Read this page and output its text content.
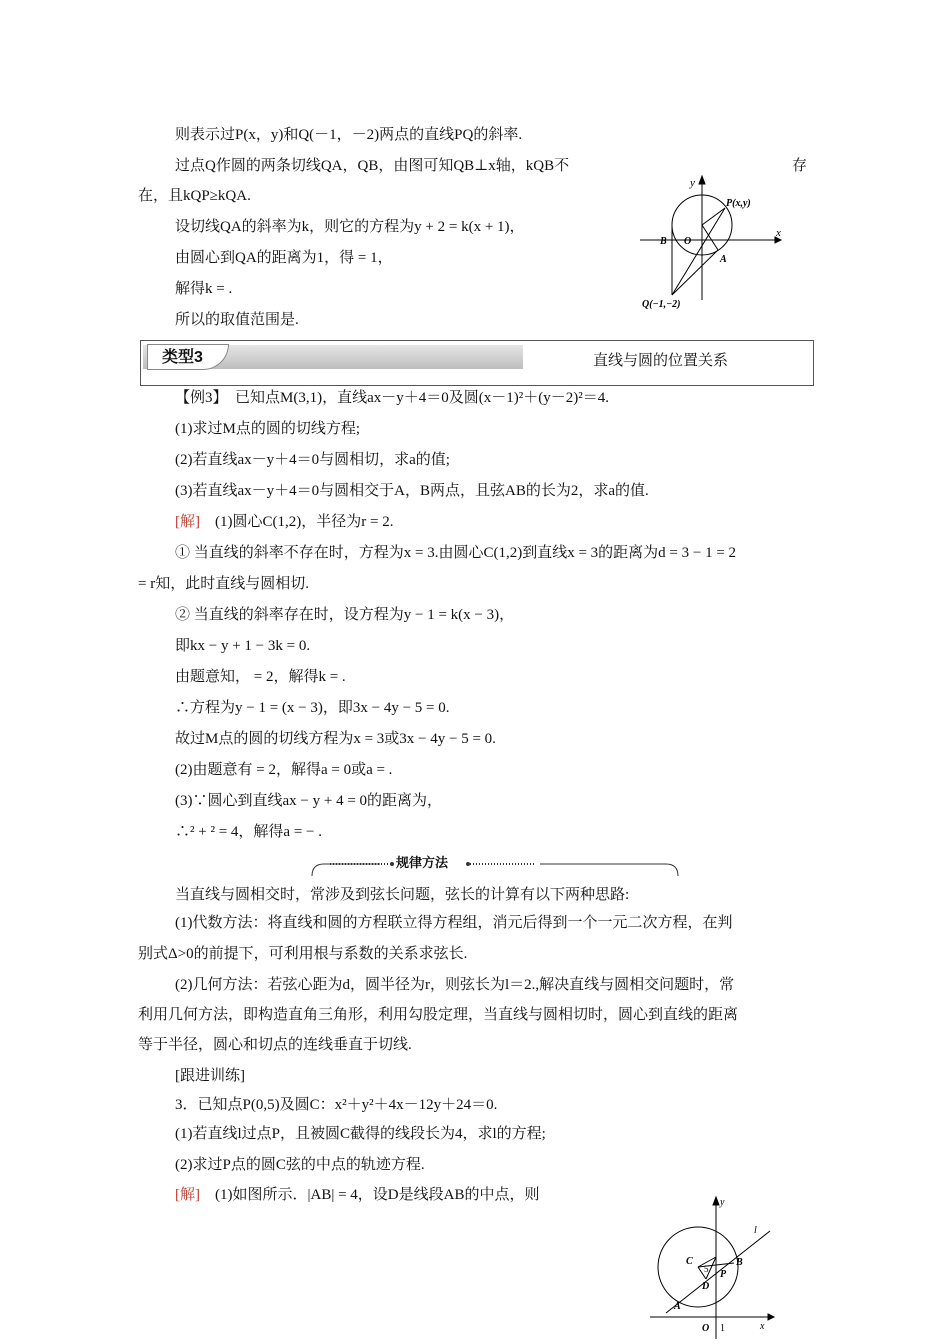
则表示过P(x，y)和Q(－1，－2)两点的直线PQ的斜率.
过点Q作圆的两条切线QA，QB，由图可知QB⊥x轴，kQB不	存
在，且kQP≥kQA.
设切线QA的斜率为k，则它的方程为y + 2 = k(x + 1)，
由圆心到QA的距离为1，得 = 1，
解得k = .
所以的取值范围是.
y
x
P(x,y)
B O
A
Q(−1,−2)
类型3	直线与圆的位置关系
【例3】　已知点M(3,1)，直线ax－y＋4＝0及圆(x－1)²＋(y－2)²＝4.
(1)求过M点的圆的切线方程;
(2)若直线ax－y＋4＝0与圆相切，求a的值;
(3)若直线ax－y＋4＝0与圆相交于A，B两点，且弦AB的长为2，求a的值.
[解]　(1)圆心C(1,2)，半径为r = 2.
① 当直线的斜率不存在时，方程为x = 3.由圆心C(1,2)到直线x = 3的距离为d = 3 − 1 = 2
= r知，此时直线与圆相切.
② 当直线的斜率存在时，设方程为y − 1 = k(x − 3)，
即kx − y + 1 − 3k = 0.
由题意知， = 2，解得k = .
∴方程为y − 1 = (x − 3)，即3x − 4y − 5 = 0.
故过M点的圆的切线方程为x = 3或3x − 4y − 5 = 0.
(2)由题意有 = 2，解得a = 0或a = .
(3)∵圆心到直线ax − y + 4 = 0的距离为，
∴² + ² = 4，解得a = − .
规律方法
当直线与圆相交时，常涉及到弦长问题，弦长的计算有以下两种思路:
(1)代数方法：将直线和圆的方程联立得方程组，消元后得到一个一元二次方程，在判
别式Δ>0的前提下，可利用根与系数的关系求弦长.
(2)几何方法：若弦心距为d，圆半径为r，则弦长为l＝2.,解决直线与圆相交问题时，常
利用几何方法，即构造直角三角形，利用勾股定理，当直线与圆相切时，圆心到直线的距离
等于半径，圆心和切点的连线垂直于切线.
[跟进训练]
3．已知点P(0,5)及圆C：x²＋y²＋4x－12y＋24＝0.
(1)若直线l过点P，且被圆C截得的线段长为4，求l的方程;
(2)求过P点的圆C弦的中点的轨迹方程.
[解]　(1)如图所示．|AB| = 4，设D是线段AB的中点，则	y
l
C
5
B
P
D
A
O 1	x
